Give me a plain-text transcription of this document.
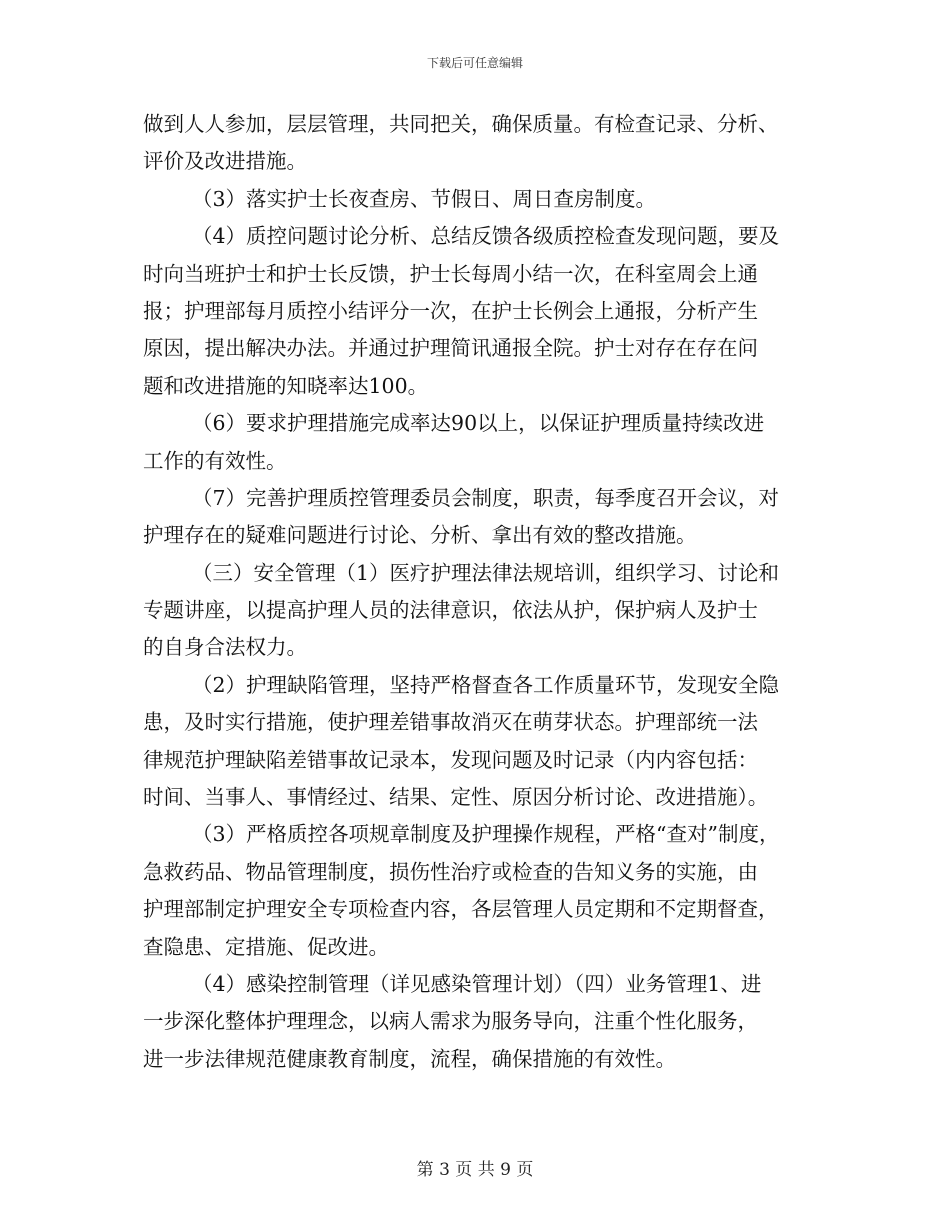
下载后可任意编辑
做到人人参加，层层管理，共同把关，确保质量。有检查记录、分析、
评价及改进措施。
（3）落实护士长夜查房、节假日、周日查房制度。
（4）质控问题讨论分析、总结反馈各级质控检查发现问题，要及
时向当班护士和护士长反馈，护士长每周小结一次，在科室周会上通
报；护理部每月质控小结评分一次，在护士长例会上通报，分析产生
原因，提出解决办法。并通过护理简讯通报全院。护士对存在存在问
题和改进措施的知晓率达100。
（6）要求护理措施完成率达90以上，以保证护理质量持续改进
工作的有效性。
（7）完善护理质控管理委员会制度，职责，每季度召开会议，对
护理存在的疑难问题进行讨论、分析、拿出有效的整改措施。
（三）安全管理（1）医疗护理法律法规培训，组织学习、讨论和
专题讲座，以提高护理人员的法律意识，依法从护，保护病人及护士
的自身合法权力。
（2）护理缺陷管理，坚持严格督查各工作质量环节，发现安全隐
患，及时实行措施，使护理差错事故消灭在萌芽状态。护理部统一法
律规范护理缺陷差错事故记录本，发现问题及时记录（内内容包括：
时间、当事人、事情经过、结果、定性、原因分析讨论、改进措施）。
（3）严格质控各项规章制度及护理操作规程，严格“查对”制度，
急救药品、物品管理制度，损伤性治疗或检查的告知义务的实施，由
护理部制定护理安全专项检查内容，各层管理人员定期和不定期督查，
查隐患、定措施、促改进。
（4）感染控制管理（详见感染管理计划）（四）业务管理1、进
一步深化整体护理理念，以病人需求为服务导向，注重个性化服务，
进一步法律规范健康教育制度，流程，确保措施的有效性。
第 3 页 共 9 页
